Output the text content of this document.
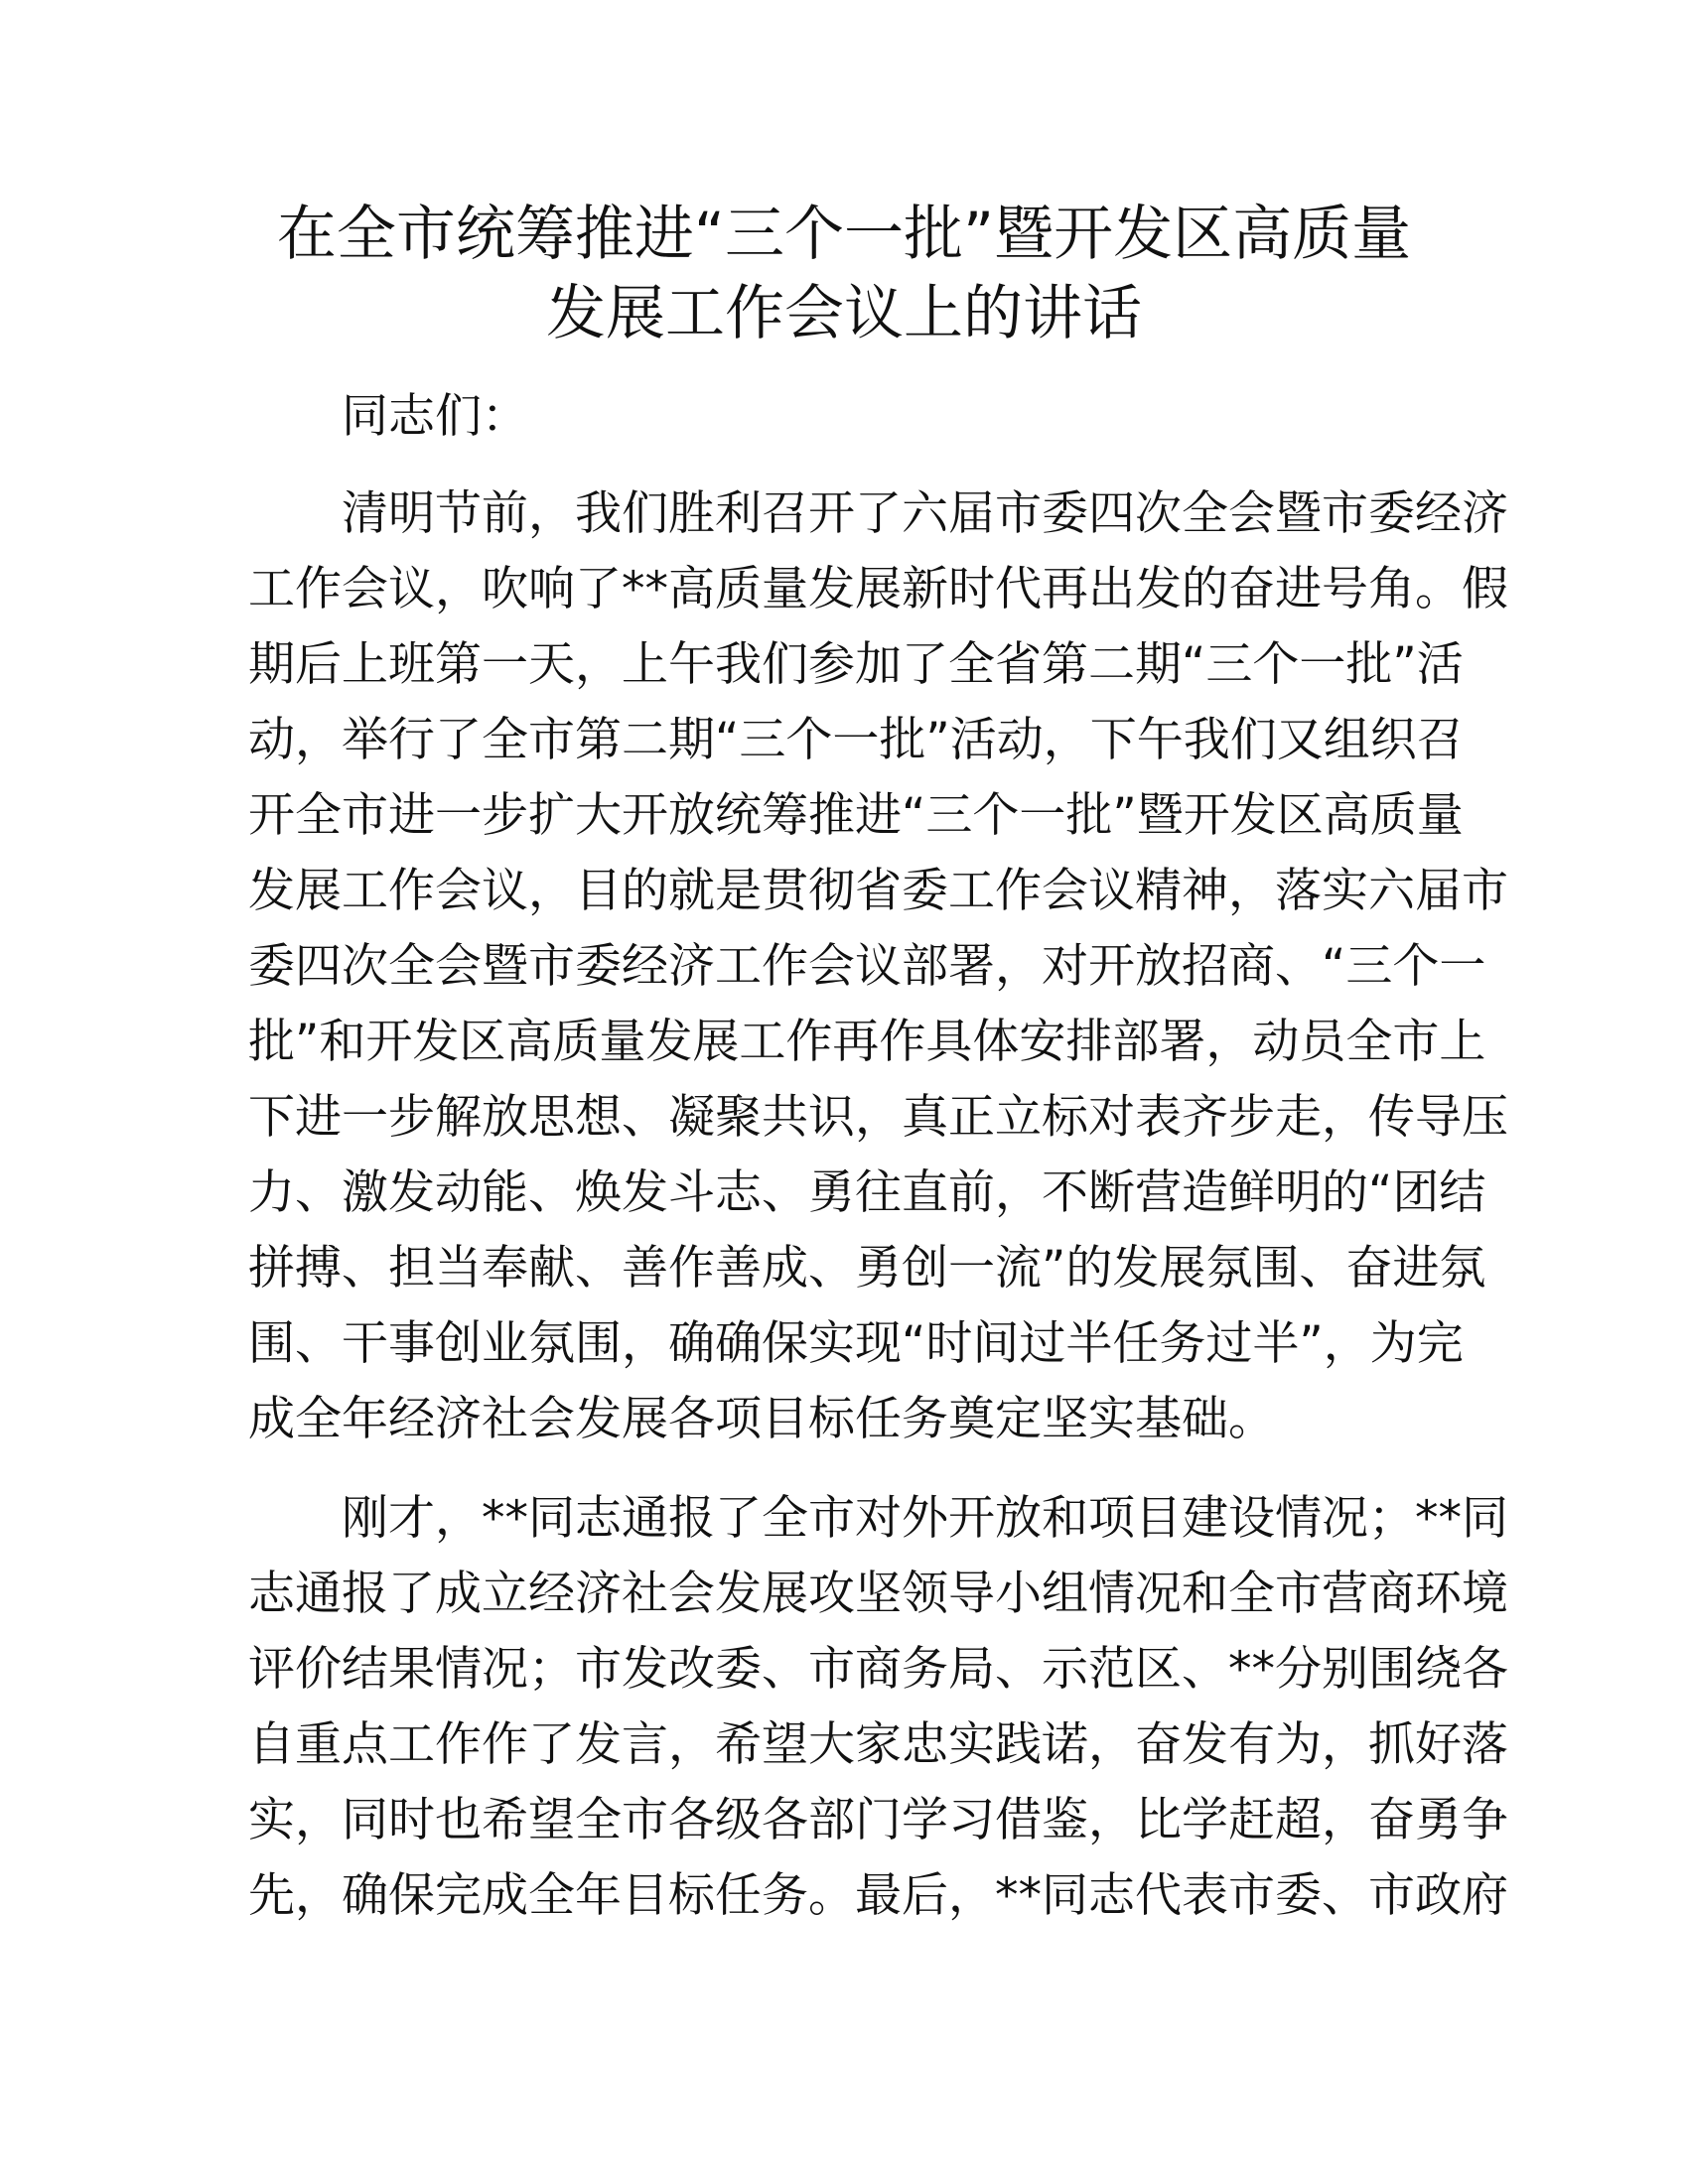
在全市统筹推进“三个一批”暨开发区高质量
发展工作会议上的讲话

同志们：

清明节前，我们胜利召开了六届市委四次全会暨市委经济
工作会议，吹响了**高质量发展新时代再出发的奋进号角。假
期后上班第一天，上午我们参加了全省第二期“三个一批”活
动，举行了全市第二期“三个一批”活动，下午我们又组织召
开全市进一步扩大开放统筹推进“三个一批”暨开发区高质量
发展工作会议，目的就是贯彻省委工作会议精神，落实六届市
委四次全会暨市委经济工作会议部署，对开放招商、“三个一
批”和开发区高质量发展工作再作具体安排部署，动员全市上
下进一步解放思想、凝聚共识，真正立标对表齐步走，传导压
力、激发动能、焕发斗志、勇往直前，不断营造鲜明的“团结
拼搏、担当奉献、善作善成、勇创一流”的发展氛围、奋进氛
围、干事创业氛围，确确保实现“时间过半任务过半”，为完
成全年经济社会发展各项目标任务奠定坚实基础。
刚才，**同志通报了全市对外开放和项目建设情况；**同
志通报了成立经济社会发展攻坚领导小组情况和全市营商环境
评价结果情况；市发改委、市商务局、示范区、**分别围绕各
自重点工作作了发言，希望大家忠实践诺，奋发有为，抓好落
实，同时也希望全市各级各部门学习借鉴，比学赶超，奋勇争
先，确保完成全年目标任务。最后，**同志代表市委、市政府
